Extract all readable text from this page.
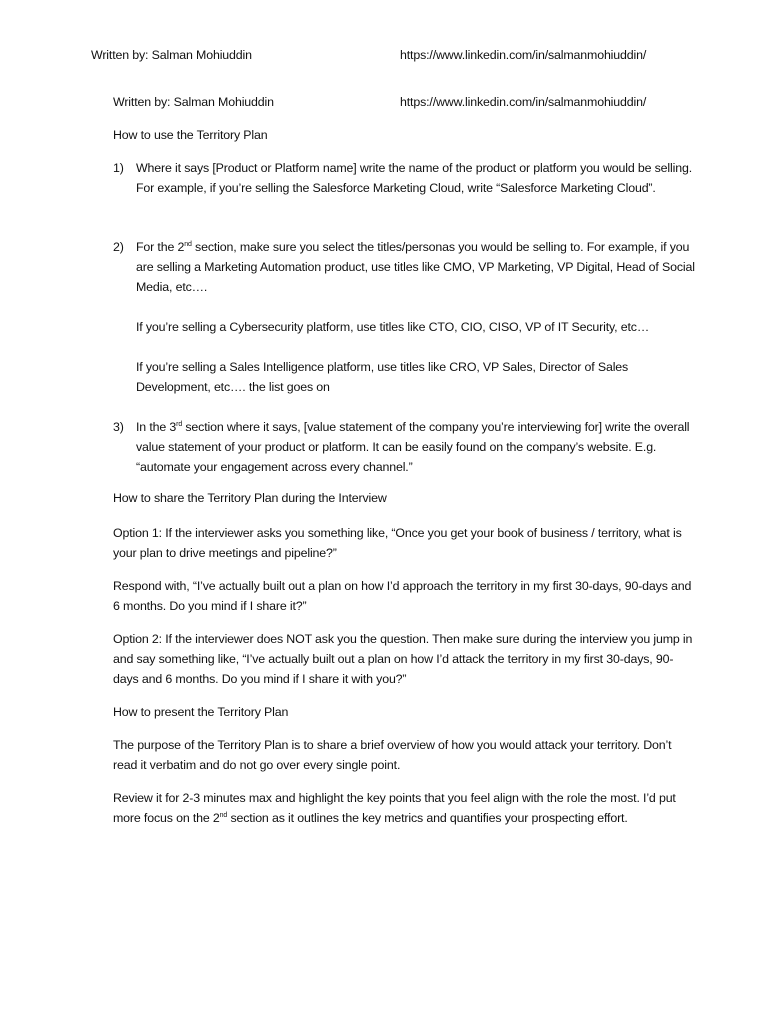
Written by: Salman Mohiuddin	https://www.linkedin.com/in/salmanmohiuddin/
Written by: Salman Mohiuddin	https://www.linkedin.com/in/salmanmohiuddin/
How to use the Territory Plan
1) Where it says [Product or Platform name] write the name of the product or platform you would be selling. For example, if you’re selling the Salesforce Marketing Cloud, write “Salesforce Marketing Cloud”.
2) For the 2nd section, make sure you select the titles/personas you would be selling to. For example, if you are selling a Marketing Automation product, use titles like CMO, VP Marketing, VP Digital, Head of Social Media, etc….
If you’re selling a Cybersecurity platform, use titles like CTO, CIO, CISO, VP of IT Security, etc…
If you’re selling a Sales Intelligence platform, use titles like CRO, VP Sales, Director of Sales Development, etc…. the list goes on
3) In the 3rd section where it says, [value statement of the company you’re interviewing for] write the overall value statement of your product or platform. It can be easily found on the company’s website. E.g. “automate your engagement across every channel.”
How to share the Territory Plan during the Interview
Option 1: If the interviewer asks you something like, “Once you get your book of business / territory, what is your plan to drive meetings and pipeline?”
Respond with, “I’ve actually built out a plan on how I’d approach the territory in my first 30-days, 90-days and 6 months. Do you mind if I share it?”
Option 2: If the interviewer does NOT ask you the question. Then make sure during the interview you jump in and say something like, “I’ve actually built out a plan on how I’d attack the territory in my first 30-days, 90-days and 6 months. Do you mind if I share it with you?”
How to present the Territory Plan
The purpose of the Territory Plan is to share a brief overview of how you would attack your territory. Don’t read it verbatim and do not go over every single point.
Review it for 2-3 minutes max and highlight the key points that you feel align with the role the most. I’d put more focus on the 2nd section as it outlines the key metrics and quantifies your prospecting effort.
